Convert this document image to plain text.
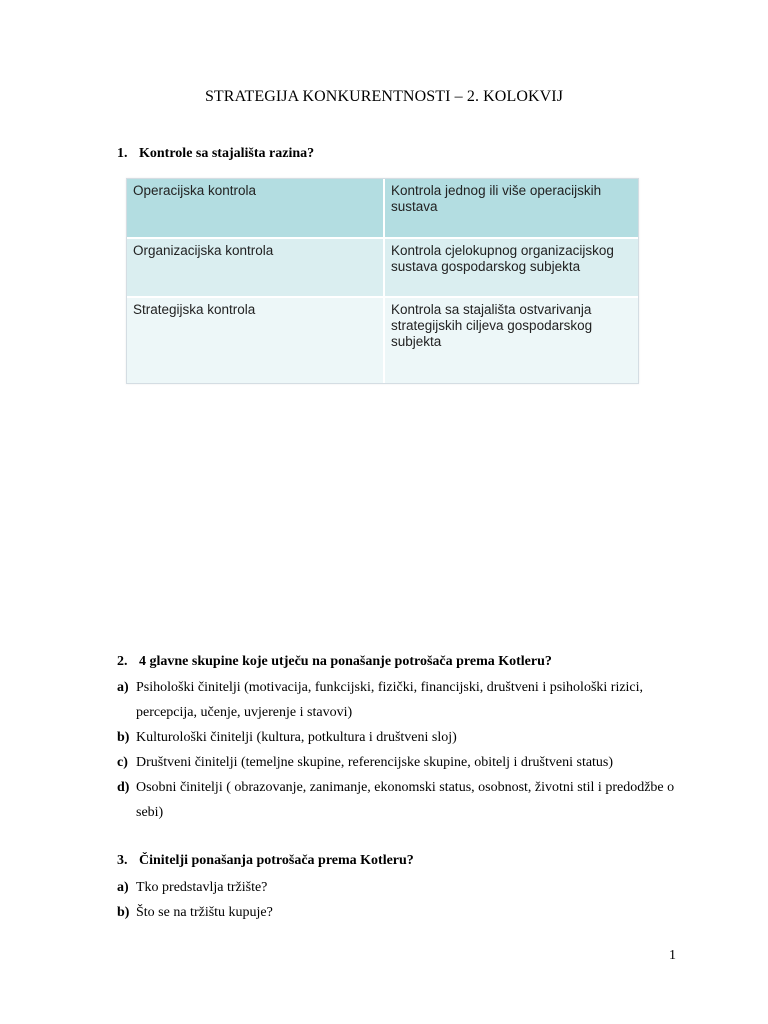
STRATEGIJA KONKURENTNOSTI – 2. KOLOKVIJ
1. Kontrole sa stajališta razina?
Operacijska kontrola	Kontrola jednog ili više operacijskih sustava
Organizacijska kontrola	Kontrola cjelokupnog organizacijskog sustava gospodarskog subjekta
Strategijska kontrola	Kontrola sa stajališta ostvarivanja strategijskih ciljeva gospodarskog subjekta
2. 4 glavne skupine koje utječu na ponašanje potrošača prema Kotleru?
a) Psihološki činitelji (motivacija, funkcijski, fizički, financijski, društveni i psihološki rizici, percepcija, učenje, uvjerenje i stavovi)
b) Kulturološki činitelji (kultura, potkultura i društveni sloj)
c) Društveni činitelji (temeljne skupine, referencijske skupine, obitelj i društveni status)
d) Osobni činitelji ( obrazovanje, zanimanje, ekonomski status, osobnost, životni stil i predodžbe o sebi)
3. Činitelji ponašanja potrošača prema Kotleru?
a) Tko predstavlja tržište?
b) Što se na tržištu kupuje?
1
